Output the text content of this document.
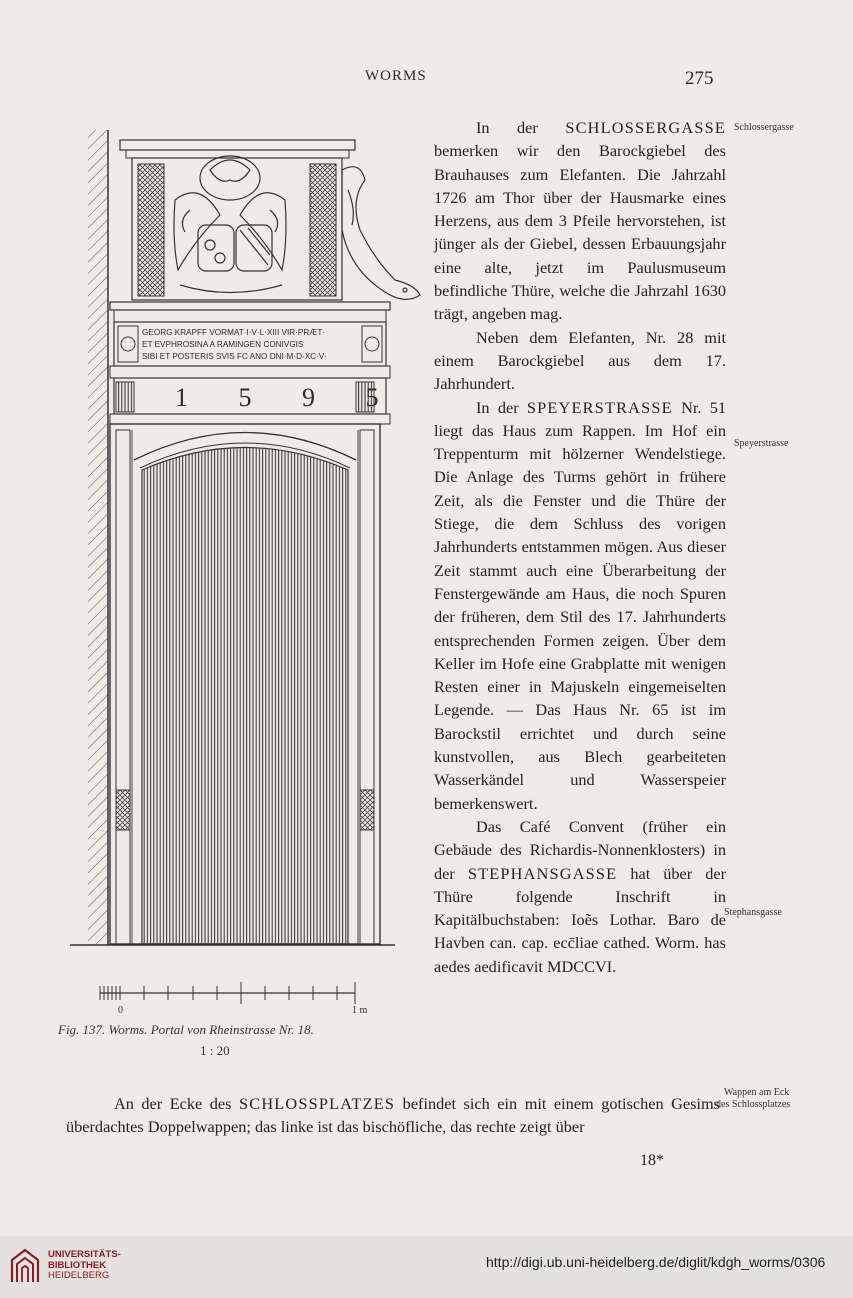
WORMS	275
GEORG KRAPFF VORMAT·I·V·L·XIII VIR·PRÆT·
ET EVPHROSINA A RAMINGEN CONIVGIS
SIBI ET POSTERIS SVIS FC ANO DNI·M·D·XC·V·
1 5 9 5
0	1 m

In der SCHLOSSERGASSE bemerken wir den Barockgiebel des Brauhauses zum Elefanten. Die Jahrzahl 1726 am Thor über der Hausmarke eines Herzens, aus dem 3 Pfeile hervorstehen, ist jünger als der Giebel, dessen Erbauungsjahr eine alte, jetzt im Paulusmuseum befindliche Thüre, welche die Jahrzahl 1630 trägt, angeben mag.

Neben dem Elefanten, Nr. 28 mit einem Barockgiebel aus dem 17. Jahrhundert.

In der SPEYERSTRASSE Nr. 51 liegt das Haus zum Rappen. Im Hof ein Treppenturm mit hölzerner Wendelstiege. Die Anlage des Turms gehört in frühere Zeit, als die Fenster und die Thüre der Stiege, die dem Schluss des vorigen Jahrhunderts entstammen mögen. Aus dieser Zeit stammt auch eine Überarbeitung der Fenstergewände am Haus, die noch Spuren der früheren, dem Stil des 17. Jahrhunderts entsprechenden Formen zeigen. Über dem Keller im Hofe eine Grabplatte mit wenigen Resten einer in Majuskeln eingemeiselten Legende. — Das Haus Nr. 65 ist im Barockstil errichtet und durch seine kunstvollen, aus Blech gearbeiteten Wasserkändel und Wasserspeier bemerkenswert.

Das Café Convent (früher ein Gebäude des Richardis-Nonnenklosters) in der STEPHANSGASSE hat über der Thüre folgende Inschrift in Kapitälbuchstaben: Ioẽs Lothar. Baro de Havben can. cap. ecc̄liae cathed. Worm. has aedes aedificavit MDCCVI.

Schlossergasse
Speyerstrasse
Stephansgasse
Wappen am Eck
des Schlossplatzes
Fig. 137. Worms. Portal von Rheinstrasse Nr. 18.
1 : 20

An der Ecke des SCHLOSSPLATZES befindet sich ein mit einem gotischen Gesims überdachtes Doppelwappen; das linke ist das bischöfliche, das rechte zeigt über

18*
UNIVERSITÄTS-
BIBLIOTHEK
HEIDELBERG
http://digi.ub.uni-heidelberg.de/diglit/kdgh_worms/0306
